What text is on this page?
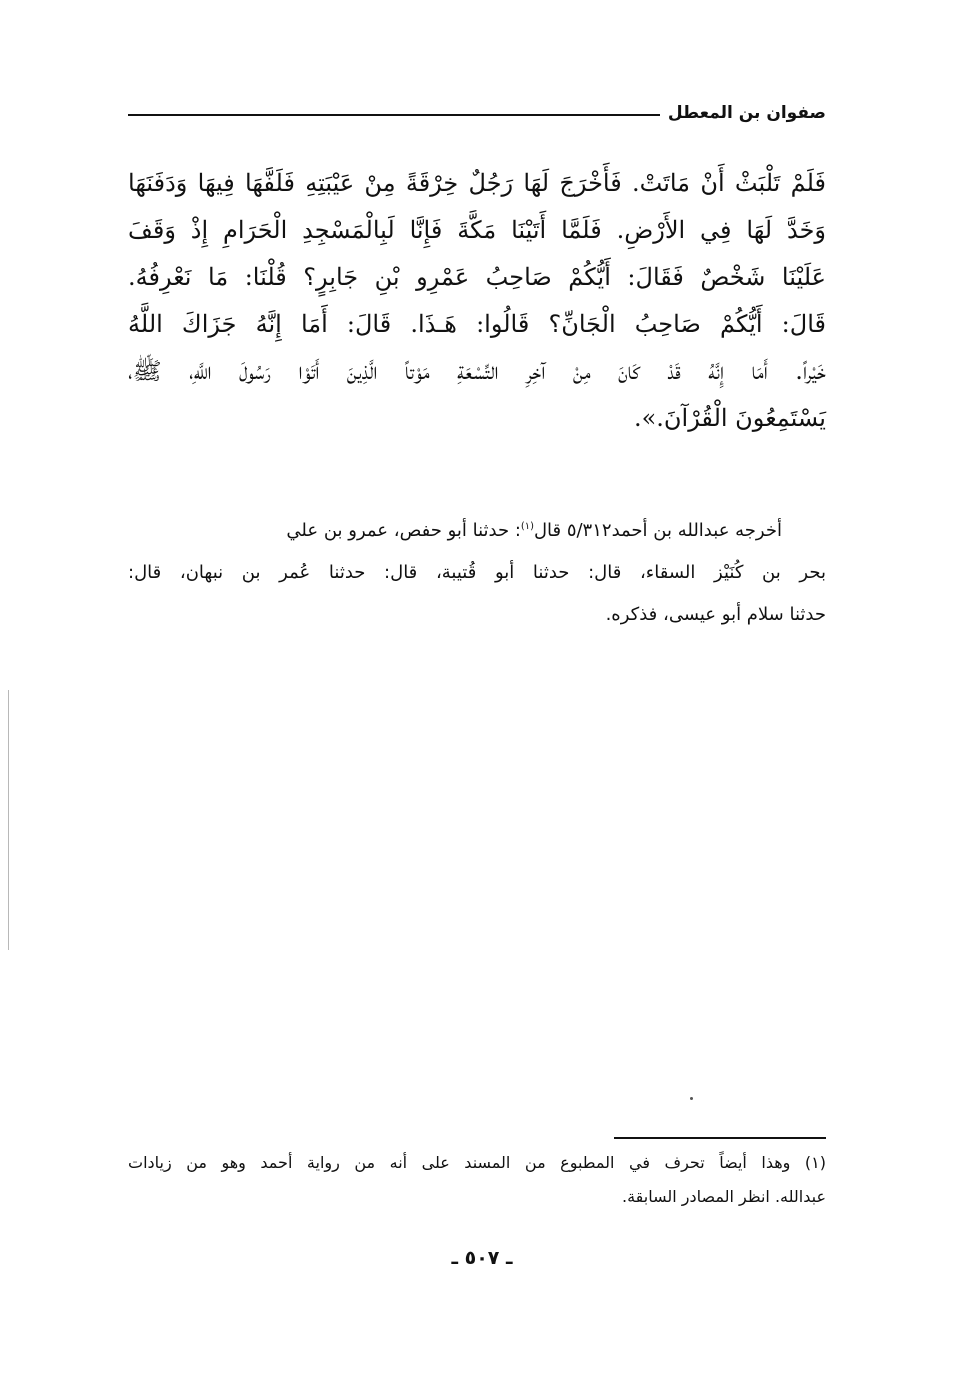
صفوان بن المعطل
فَلَمْ تَلْبَثْ أَنْ مَاتَتْ. فَأَخْرَجَ لَهَا رَجُلٌ خِرْقَةً مِنْ عَيْبَتِهِ فَلَفَّهَا فِيهَا وَدَفَنَهَا
وَخَدَّ لَهَا فِي الأَرْضِ. فَلَمَّا أَتَيْنَا مَكَّةَ فَإِنَّا لَبِالْمَسْجِدِ الْحَرَامِ إِذْ وَقَفَ
عَلَيْنَا شَخْصٌ فَقَالَ: أَيُّكُمْ صَاحِبُ عَمْرِو بْنِ جَابِرٍ؟ قُلْنَا: مَا نَعْرِفُهُ.
قَالَ: أَيُّكُمْ صَاحِبُ الْجَانِّ؟ قَالُوا: هَـذَا. قَالَ: أَمَا إِنَّهُ جَزَاكَ اللَّهُ
خَيْراً. أَمَا إِنَّهُ قَدْ كَانَ مِنْ آخِرِ التِّسْعَةِ مَوْتاً الَّذِينَ أَتَوْا رَسُولَ اللَّهِ، ﷺ،
يَسْتَمِعُونَ الْقُرْآنَ.».
أخرجه عبدالله بن أحمد٥/٣١٢ قال$^{(١)}$: حدثنا أبو حفص، عمرو بن علي
بحر بن كُنَيْز السقاء، قال: حدثنا أبو قُتيبة، قال: حدثنا عُمر بن نبهان، قال:
حدثنا سلام أبو عيسى، فذكره.
(١) وهذا أيضاً تحرف في المطبوع من المسند على أنه من رواية أحمد وهو من زيادات
عبدالله. انظر المصادر السابقة.
ـ ٥٠٧ ـ
